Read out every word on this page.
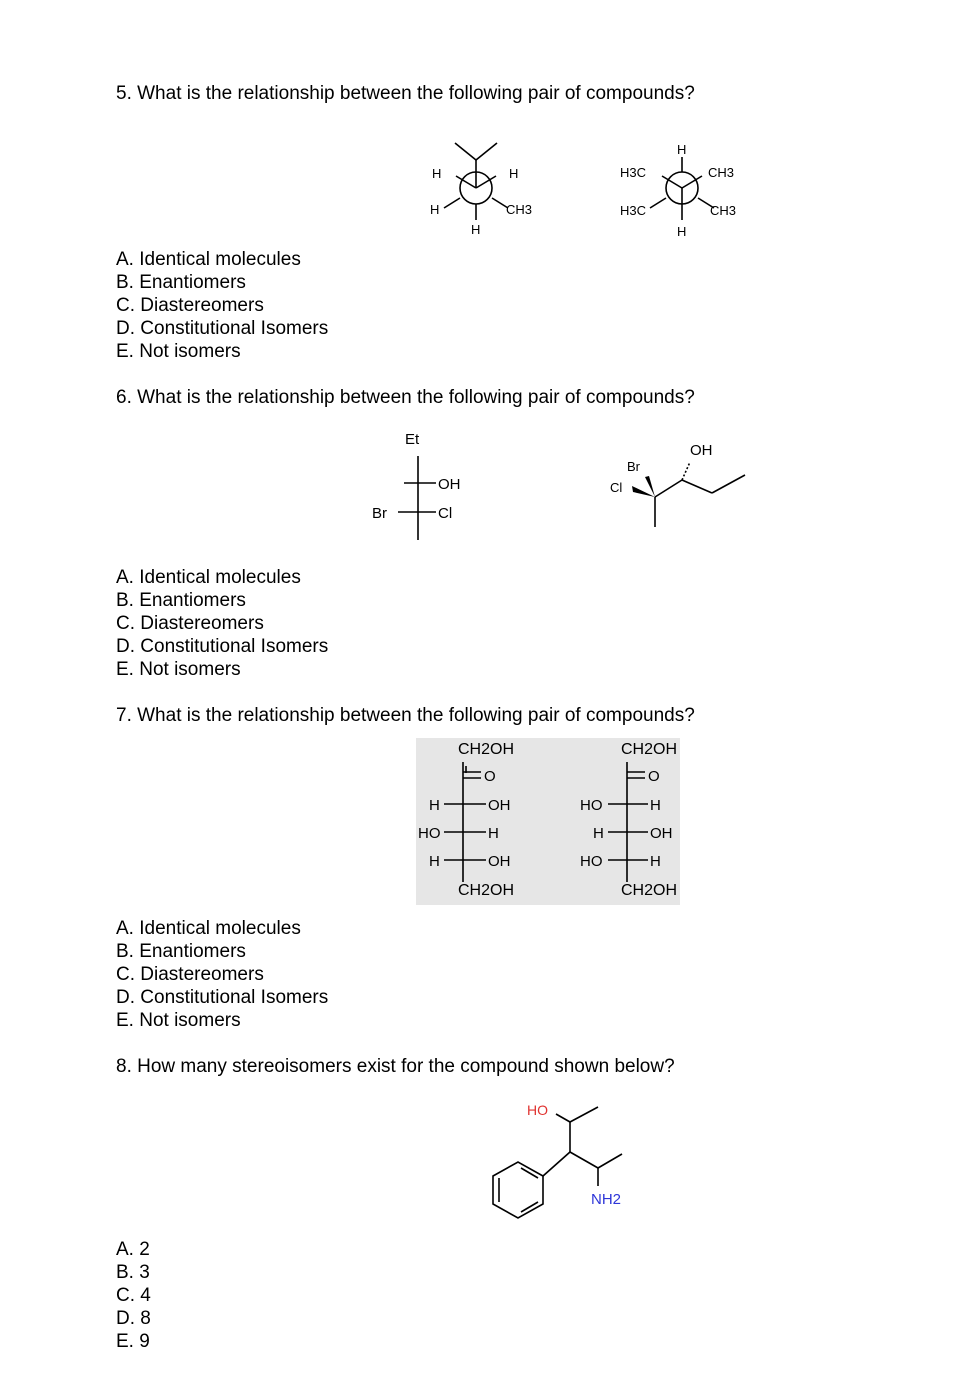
5. What is the relationship between the following pair of compounds?

H	H
H	CH3
H
H
H3C	CH3
H3C	CH3
H
A. Identical molecules
B. Enantiomers
C. Diastereomers
D. Constitutional Isomers
E. Not isomers

6. What is the relationship between the following pair of compounds?

Et
OH
Br	Cl
Br
Cl
OH
A. Identical molecules
B. Enantiomers
C. Diastereomers
D. Constitutional Isomers
E. Not isomers

7. What is the relationship between the following pair of compounds?

CH2OH
O
H	OH
HO	H
H	OH
CH2OH
CH2OH
O
HO	H
H	OH
HO	H
CH2OH
A. Identical molecules
B. Enantiomers
C. Diastereomers
D. Constitutional Isomers
E. Not isomers

8. How many stereoisomers exist for the compound shown below?

HO
NH2
A. 2
B. 3
C. 4
D. 8
E. 9
